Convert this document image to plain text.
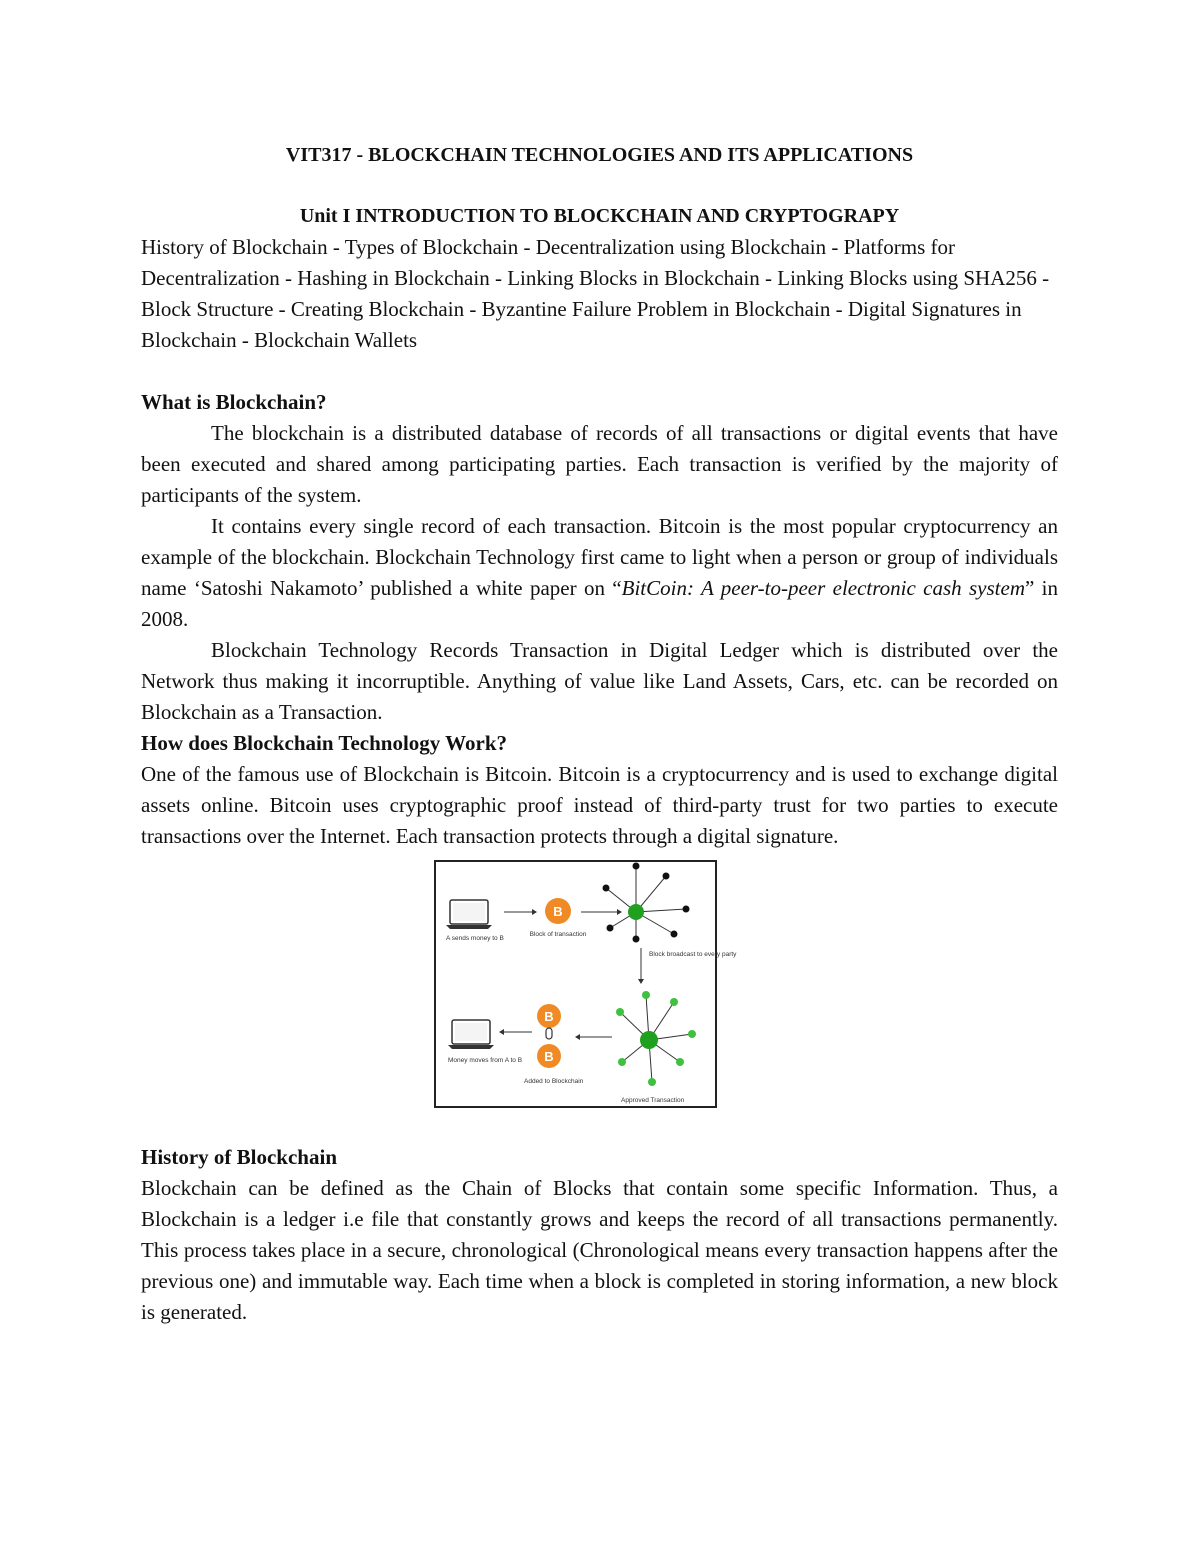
VIT317 - BLOCKCHAIN TECHNOLOGIES AND ITS APPLICATIONS
Unit I INTRODUCTION TO BLOCKCHAIN AND CRYPTOGRAPY
History of Blockchain - Types of Blockchain - Decentralization using Blockchain - Platforms for Decentralization - Hashing in Blockchain - Linking Blocks in Blockchain - Linking Blocks using SHA256 - Block Structure - Creating Blockchain - Byzantine Failure Problem in Blockchain - Digital Signatures in Blockchain - Blockchain Wallets
What is Blockchain?

The blockchain is a distributed database of records of all transactions or digital events that have been executed and shared among participating parties. Each transaction is verified by the majority of participants of the system.

It contains every single record of each transaction. Bitcoin is the most popular cryptocurrency an example of the blockchain. Blockchain Technology first came to light when a person or group of individuals name ‘Satoshi Nakamoto’ published a white paper on “BitCoin: A peer-to-peer electronic cash system” in 2008.

Blockchain Technology Records Transaction in Digital Ledger which is distributed over the Network thus making it incorruptible. Anything of value like Land Assets, Cars, etc. can be recorded on Blockchain as a Transaction.

How does Blockchain Technology Work?

One of the famous use of Blockchain is Bitcoin. Bitcoin is a cryptocurrency and is used to exchange digital assets online. Bitcoin uses cryptographic proof instead of third-party trust for two parties to execute transactions over the Internet. Each transaction protects through a digital signature.

A sends money to B
B
Block of transaction
Block broadcast to every party
Approved Transaction
B
B
Added to Blockchain
Money moves from A to B
History of Blockchain

Blockchain can be defined as the Chain of Blocks that contain some specific Information. Thus, a Blockchain is a ledger i.e file that constantly grows and keeps the record of all transactions permanently. This process takes place in a secure, chronological (Chronological means every transaction happens after the previous one) and immutable way. Each time when a block is completed in storing information, a new block is generated.
